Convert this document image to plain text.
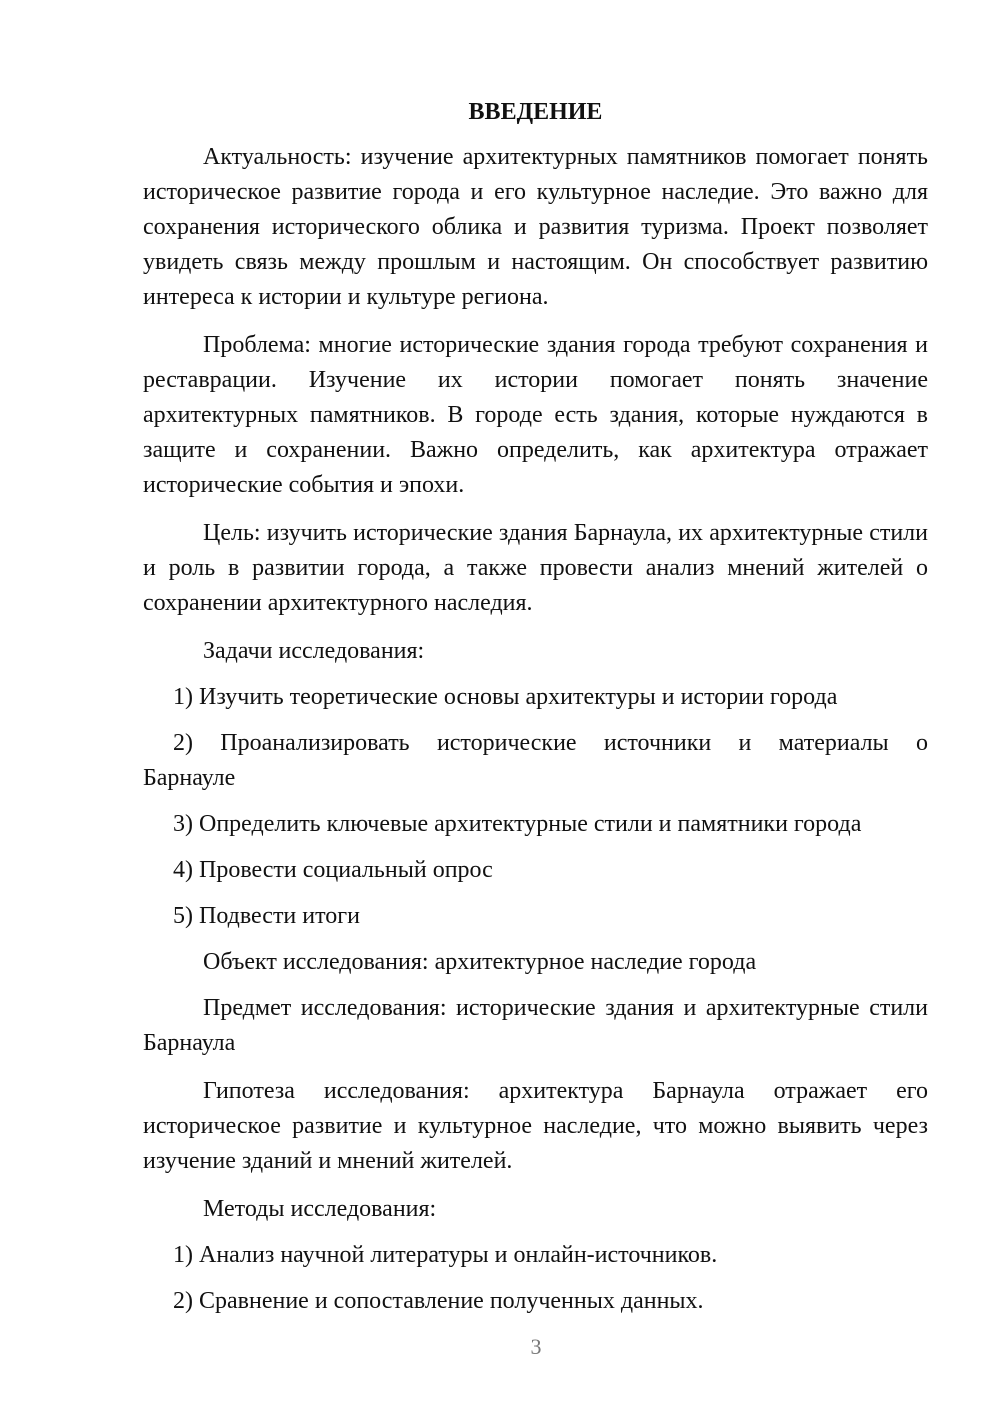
ВВЕДЕНИЕ

Актуальность: изучение архитектурных памятников помогает понять историческое развитие города и его культурное наследие. Это важно для сохранения исторического облика и развития туризма. Проект позволяет увидеть связь между прошлым и настоящим. Он способствует развитию интереса к истории и культуре региона.

Проблема: многие исторические здания города требуют сохранения и реставрации. Изучение их истории помогает понять значение архитектурных памятников. В городе есть здания, которые нуждаются в защите и сохранении. Важно определить, как архитектура отражает исторические события и эпохи.

Цель: изучить исторические здания Барнаула, их архитектурные стили и роль в развитии города, а также провести анализ мнений жителей о сохранении архитектурного наследия.

Задачи исследования:

1) Изучить теоретические основы архитектуры и истории города

2) Проанализировать исторические источники и материалы о
Барнауле

3) Определить ключевые архитектурные стили и памятники города

4) Провести социальный опрос

5) Подвести итоги

Объект исследования: архитектурное наследие города

Предмет исследования: исторические здания и архитектурные стили Барнаула

Гипотеза исследования: архитектура Барнаула отражает его историческое развитие и культурное наследие, что можно выявить через изучение зданий и мнений жителей.

Методы исследования:

1) Анализ научной литературы и онлайн-источников.

2) Сравнение и сопоставление полученных данных.

3
